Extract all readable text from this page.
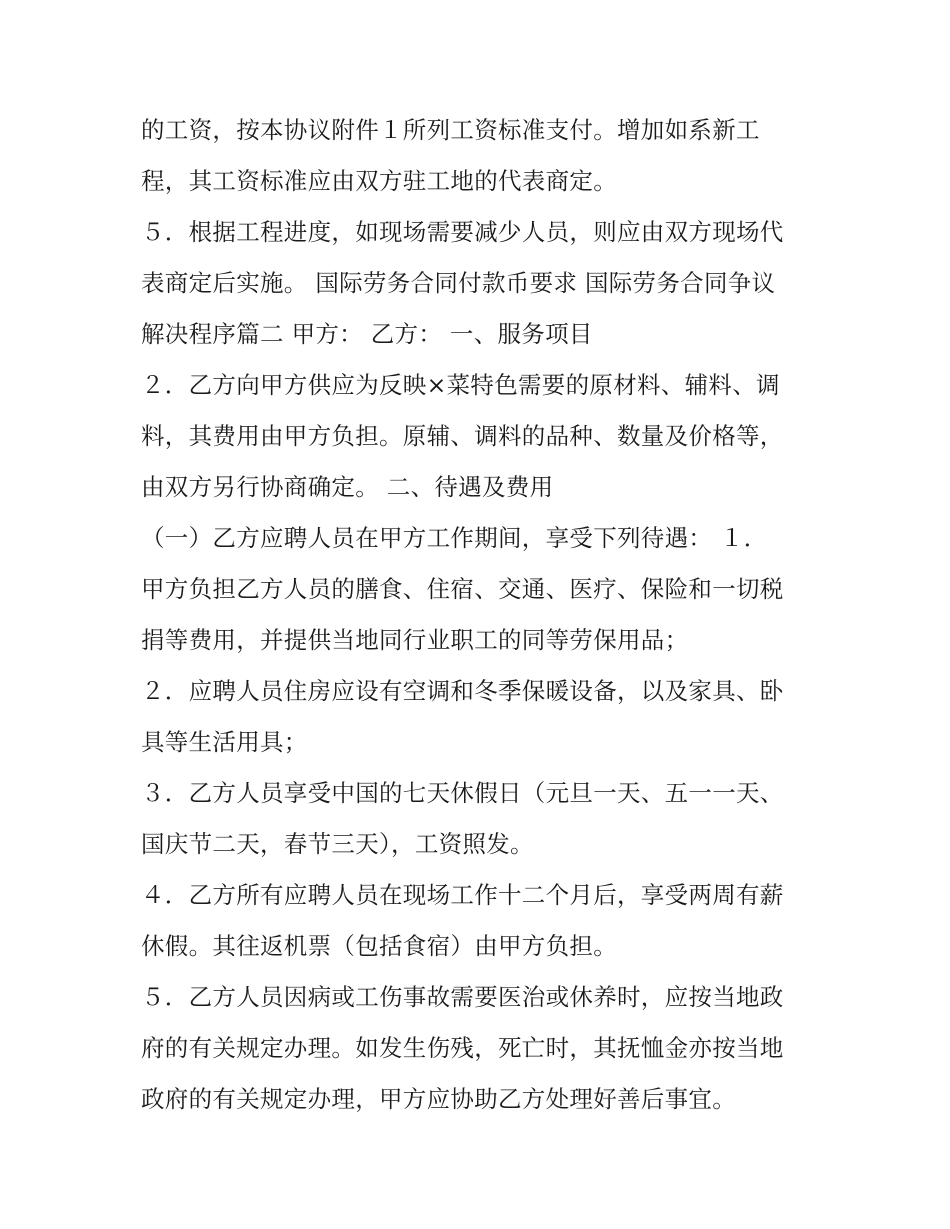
的工资，按本协议附件１所列工资标准支付。增加如系新工
程，其工资标准应由双方驻工地的代表商定。
５．根据工程进度，如现场需要减少人员，则应由双方现场代
表商定后实施。 国际劳务合同付款币要求 国际劳务合同争议
解决程序篇二 甲方： 乙方： 一、服务项目
２．乙方向甲方供应为反映×菜特色需要的原材料、辅料、调
料，其费用由甲方负担。原辅、调料的品种、数量及价格等，
由双方另行协商确定。 二、待遇及费用
（一）乙方应聘人员在甲方工作期间，享受下列待遇： １．
甲方负担乙方人员的膳食、住宿、交通、医疗、保险和一切税
捐等费用，并提供当地同行业职工的同等劳保用品；
２．应聘人员住房应设有空调和冬季保暖设备，以及家具、卧
具等生活用具；
３．乙方人员享受中国的七天休假日（元旦一天、五一一天、
国庆节二天，春节三天），工资照发。
４．乙方所有应聘人员在现场工作十二个月后，享受两周有薪
休假。其往返机票（包括食宿）由甲方负担。
５．乙方人员因病或工伤事故需要医治或休养时，应按当地政
府的有关规定办理。如发生伤残，死亡时，其抚恤金亦按当地
政府的有关规定办理，甲方应协助乙方处理好善后事宜。
